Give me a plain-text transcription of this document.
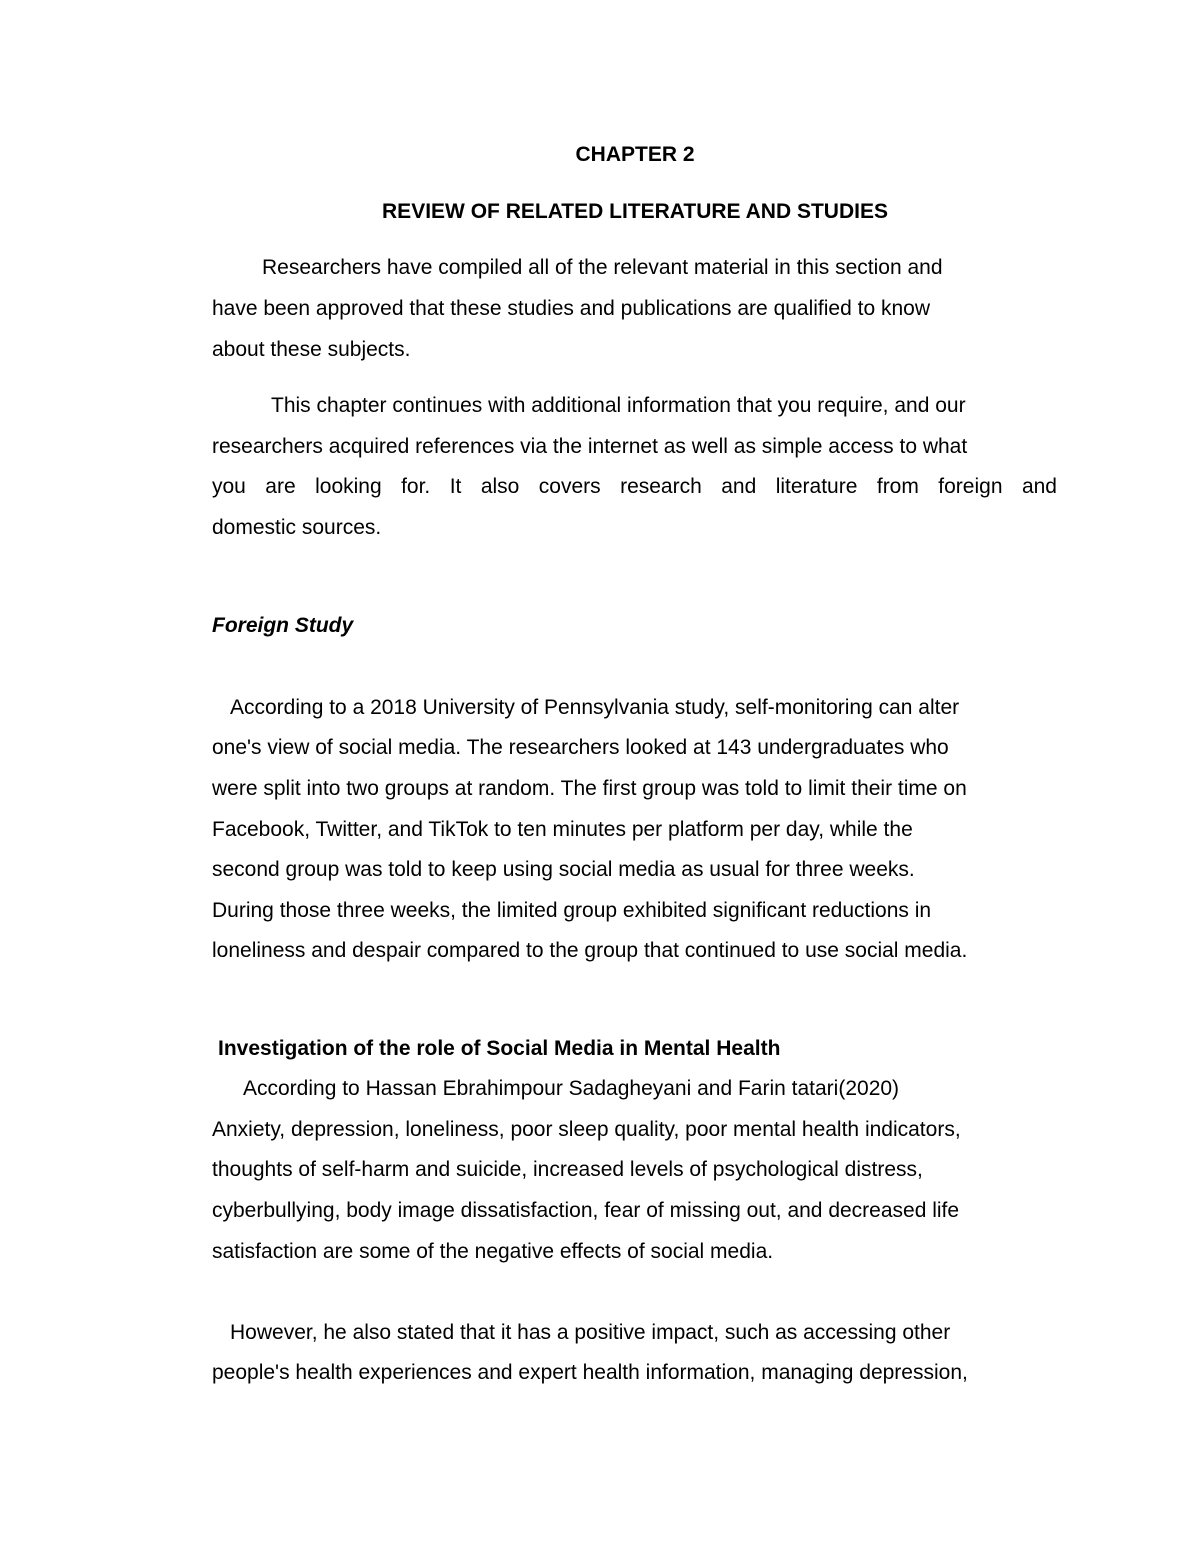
CHAPTER 2
REVIEW OF RELATED LITERATURE AND STUDIES

Researchers have compiled all of the relevant material in this section and

have been approved that these studies and publications are qualified to know

about these subjects.

This chapter continues with additional information that you require, and our

researchers acquired references via the internet as well as simple access to what

you are looking for. It also covers research and literature from foreign and

domestic sources.

Foreign Study

According to a 2018 University of Pennsylvania study, self-monitoring can alter

one's view of social media. The researchers looked at 143 undergraduates who

were split into two groups at random. The first group was told to limit their time on

Facebook, Twitter, and TikTok to ten minutes per platform per day, while the

second group was told to keep using social media as usual for three weeks.

During those three weeks, the limited group exhibited significant reductions in

loneliness and despair compared to the group that continued to use social media.

Investigation of the role of Social Media in Mental Health

According to Hassan Ebrahimpour Sadagheyani and Farin tatari(2020)

Anxiety, depression, loneliness, poor sleep quality, poor mental health indicators,

thoughts of self-harm and suicide, increased levels of psychological distress,

cyberbullying, body image dissatisfaction, fear of missing out, and decreased life

satisfaction are some of the negative effects of social media.

However, he also stated that it has a positive impact, such as accessing other

people's health experiences and expert health information, managing depression,
